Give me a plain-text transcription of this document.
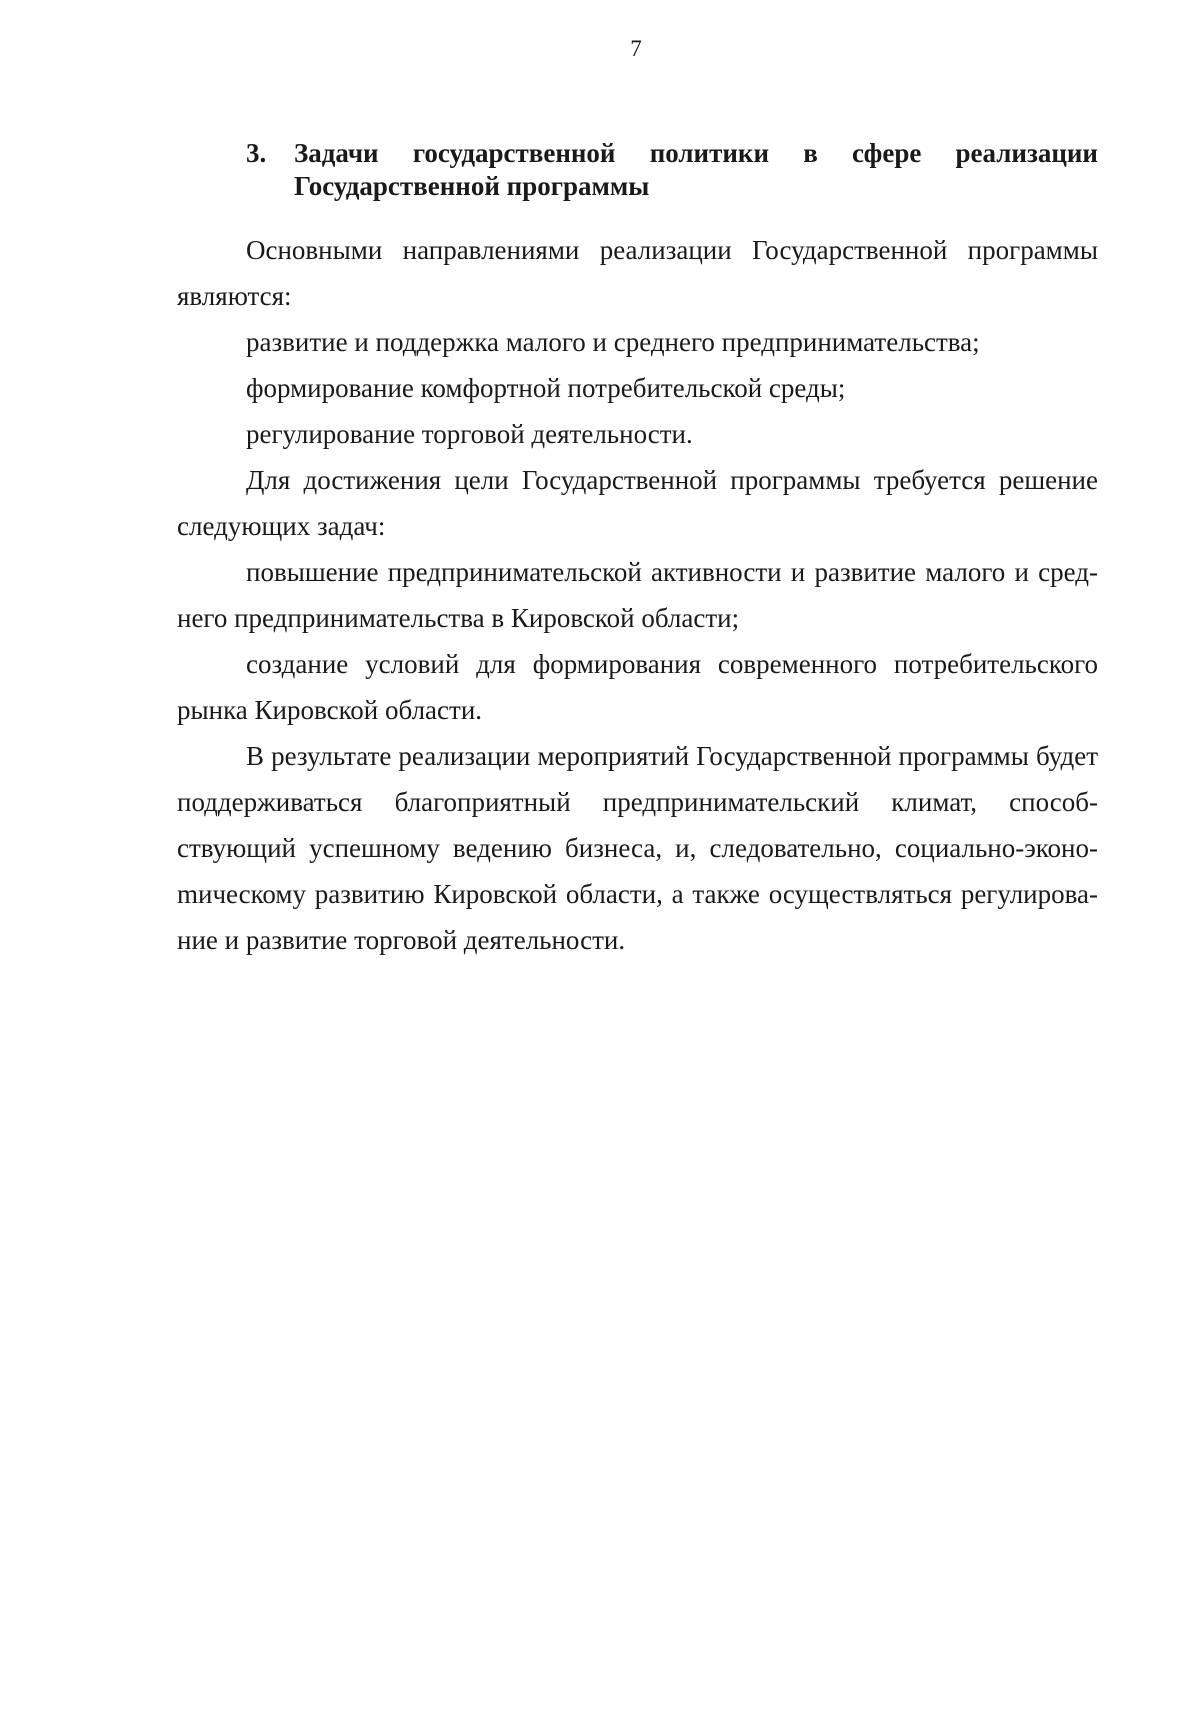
7
3. Задачи государственной политики в сфере реализации
Государственной программы

Основными направлениями реализации Государственной программы являются:

развитие и поддержка малого и среднего предпринимательства;

формирование комфортной потребительской среды;

регулирование торговой деятельности.

Для достижения цели Государственной программы требуется решение следующих задач:

повышение предпринимательской активности и развитие малого и среднего предпринимательства в Кировской области;

создание условий для формирования современного потребительского рынка Кировской области.

В результате реализации мероприятий Государственной программы будет поддерживаться благоприятный предпринимательский климат, способствующий успешному ведению бизнеса, и, следовательно, социально-эконоmическому развитию Кировской области, а также осуществляться регулирование и развитие торговой деятельности.
